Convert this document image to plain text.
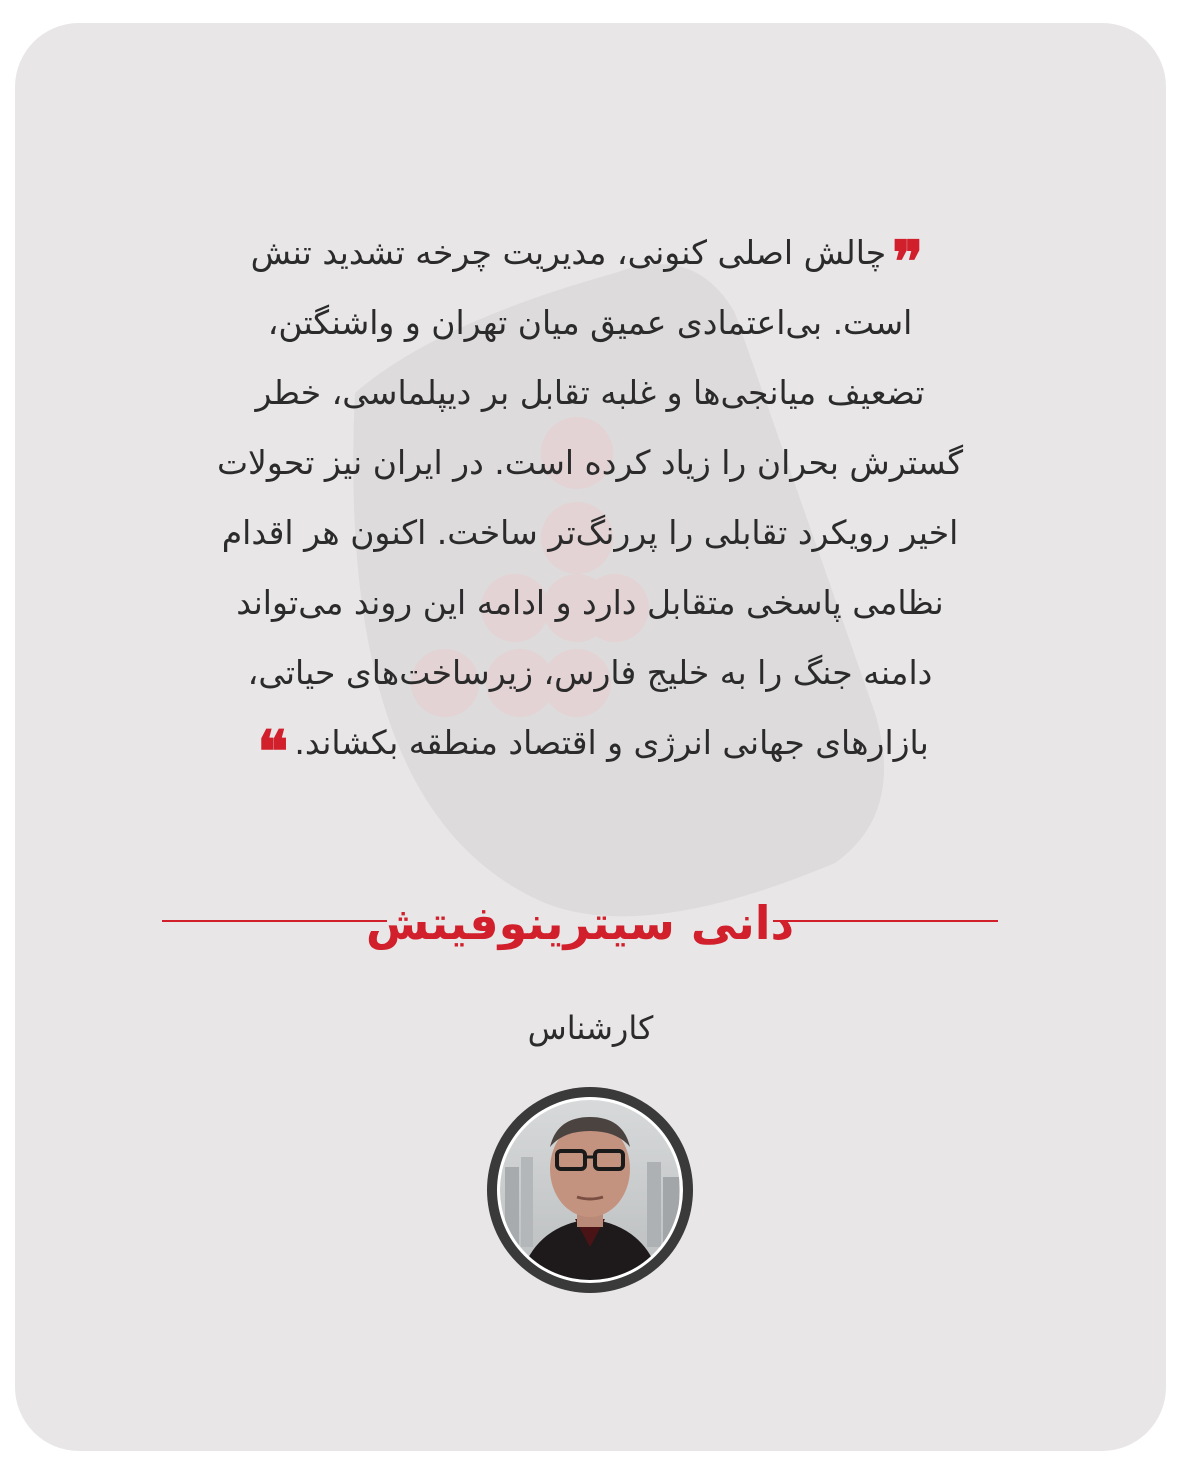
❞چالش اصلی کنونی، مدیریت چرخه تشدید تنش
است. بی‌اعتمادی عمیق میان تهران و واشنگتن،
تضعیف میانجی‌ها و غلبه تقابل بر دیپلماسی، خطر
گسترش بحران را زیاد کرده است. در ایران نیز تحولات
اخیر رویکرد تقابلی را پررنگ‌تر ساخت. اکنون هر اقدام
نظامی پاسخی متقابل دارد و ادامه این روند می‌تواند
دامنه جنگ را به خلیج فارس، زیرساخت‌های حیاتی،
بازارهای جهانی انرژی و اقتصاد منطقه بکشاند.❝

دانی سیترینوفیتش

کارشناس
